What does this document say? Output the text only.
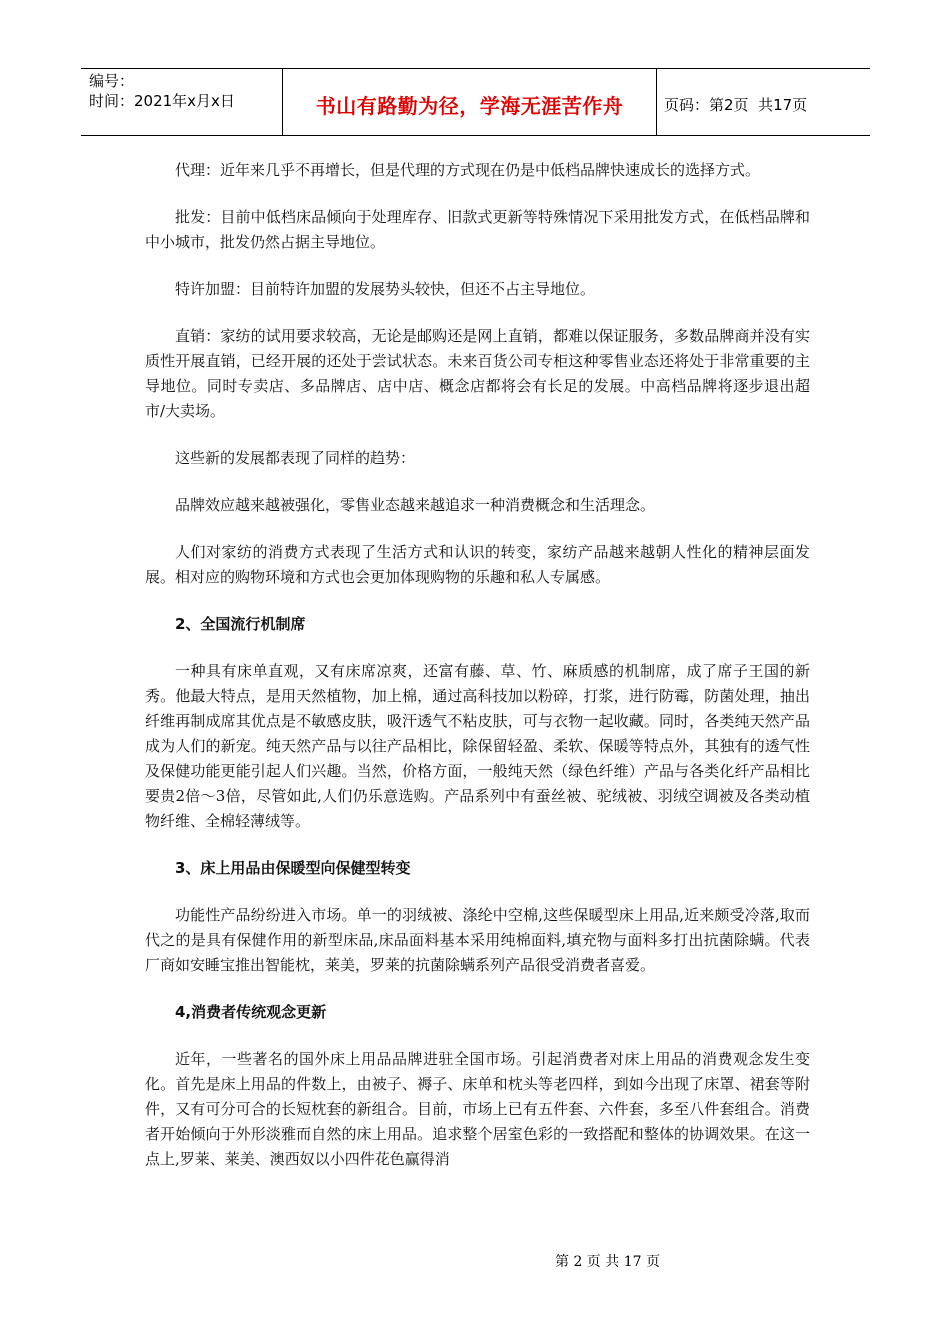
编号：
时间：2021年x月x日	书山有路勤为径，学海无涯苦作舟	页码：第2页  共17页

代理：近年来几乎不再增长，但是代理的方式现在仍是中低档品牌快速成长的选择方式。

批发：目前中低档床品倾向于处理库存、旧款式更新等特殊情况下采用批发方式，在低档品牌和中小城市，批发仍然占据主导地位。

特许加盟：目前特许加盟的发展势头较快，但还不占主导地位。

直销：家纺的试用要求较高，无论是邮购还是网上直销，都难以保证服务，多数品牌商并没有实质性开展直销，已经开展的还处于尝试状态。未来百货公司专柜这种零售业态还将处于非常重要的主导地位。同时专卖店、多品牌店、店中店、概念店都将会有长足的发展。中高档品牌将逐步退出超市/大卖场。

这些新的发展都表现了同样的趋势：

品牌效应越来越被强化，零售业态越来越追求一种消费概念和生活理念。

人们对家纺的消费方式表现了生活方式和认识的转变，家纺产品越来越朝人性化的精神层面发展。相对应的购物环境和方式也会更加体现购物的乐趣和私人专属感。

2、全国流行机制席

一种具有床单直观，又有床席凉爽，还富有藤、草、竹、麻质感的机制席，成了席子王国的新秀。他最大特点，是用天然植物，加上棉，通过高科技加以粉碎，打浆，进行防霉，防菌处理，抽出纤维再制成席其优点是不敏感皮肤，吸汗透气不粘皮肤，可与衣物一起收藏。同时，各类纯天然产品成为人们的新宠。纯天然产品与以往产品相比，除保留轻盈、柔软、保暖等特点外，其独有的透气性及保健功能更能引起人们兴趣。当然，价格方面，一般纯天然（绿色纤维）产品与各类化纤产品相比要贵2倍～3倍，尽管如此,人们仍乐意选购。产品系列中有蚕丝被、驼绒被、羽绒空调被及各类动植物纤维、全棉轻薄绒等。

3、床上用品由保暖型向保健型转变

功能性产品纷纷进入市场。单一的羽绒被、涤纶中空棉,这些保暖型床上用品,近来颇受冷落,取而代之的是具有保健作用的新型床品,床品面料基本采用纯棉面料,填充物与面料多打出抗菌除螨。代表厂商如安睡宝推出智能枕，莱美，罗莱的抗菌除螨系列产品很受消费者喜爱。

4,消费者传统观念更新

近年，一些著名的国外床上用品品牌进驻全国市场。引起消费者对床上用品的消费观念发生变化。首先是床上用品的件数上，由被子、褥子、床单和枕头等老四样，到如今出现了床罩、裙套等附件，又有可分可合的长短枕套的新组合。目前，市场上已有五件套、六件套，多至八件套组合。消费者开始倾向于外形淡雅而自然的床上用品。追求整个居室色彩的一致搭配和整体的协调效果。在这一点上,罗莱、莱美、澳西奴以小四件花色赢得消

第 2 页 共 17 页
